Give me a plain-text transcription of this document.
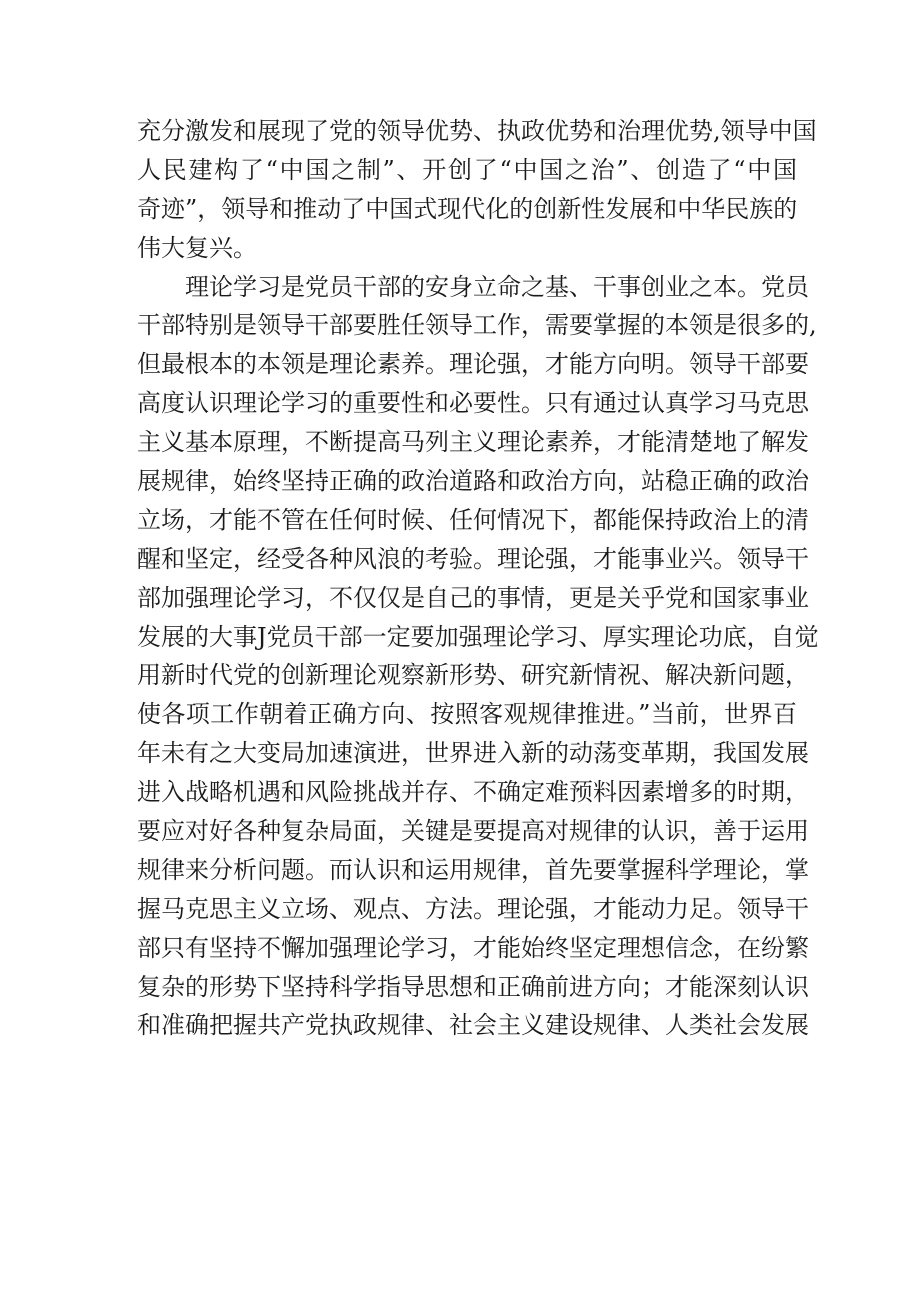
充分激发和展现了党的领导优势、执政优势和治理优势,领导中国
人民建构了“中国之制”、开创了“中国之治”、创造了“中国
奇迹”，领导和推动了中国式现代化的创新性发展和中华民族的
伟大复兴。
理论学习是党员干部的安身立命之基、干事创业之本。党员
干部特别是领导干部要胜任领导工作，需要掌握的本领是很多的,
但最根本的本领是理论素养。理论强，才能方向明。领导干部要
高度认识理论学习的重要性和必要性。只有通过认真学习马克思
主义基本原理，不断提高马列主义理论素养，才能清楚地了解发
展规律，始终坚持正确的政治道路和政治方向，站稳正确的政治
立场，才能不管在任何时候、任何情况下，都能保持政治上的清
醒和坚定，经受各种风浪的考验。理论强，才能事业兴。领导干
部加强理论学习，不仅仅是自己的事情，更是关乎党和国家事业
发展的大事J党员干部一定要加强理论学习、厚实理论功底，自觉
用新时代党的创新理论观察新形势、研究新情祝、解决新问题，
使各项工作朝着正确方向、按照客观规律推进。”当前，世界百
年未有之大变局加速演进，世界进入新的动荡变革期，我国发展
进入战略机遇和风险挑战并存、不确定难预料因素增多的时期，
要应对好各种复杂局面，关键是要提高对规律的认识，善于运用
规律来分析问题。而认识和运用规律，首先要掌握科学理论，掌
握马克思主义立场、观点、方法。理论强，才能动力足。领导干
部只有坚持不懈加强理论学习，才能始终坚定理想信念，在纷繁
复杂的形势下坚持科学指导思想和正确前进方向；才能深刻认识
和准确把握共产党执政规律、社会主义建设规律、人类社会发展
